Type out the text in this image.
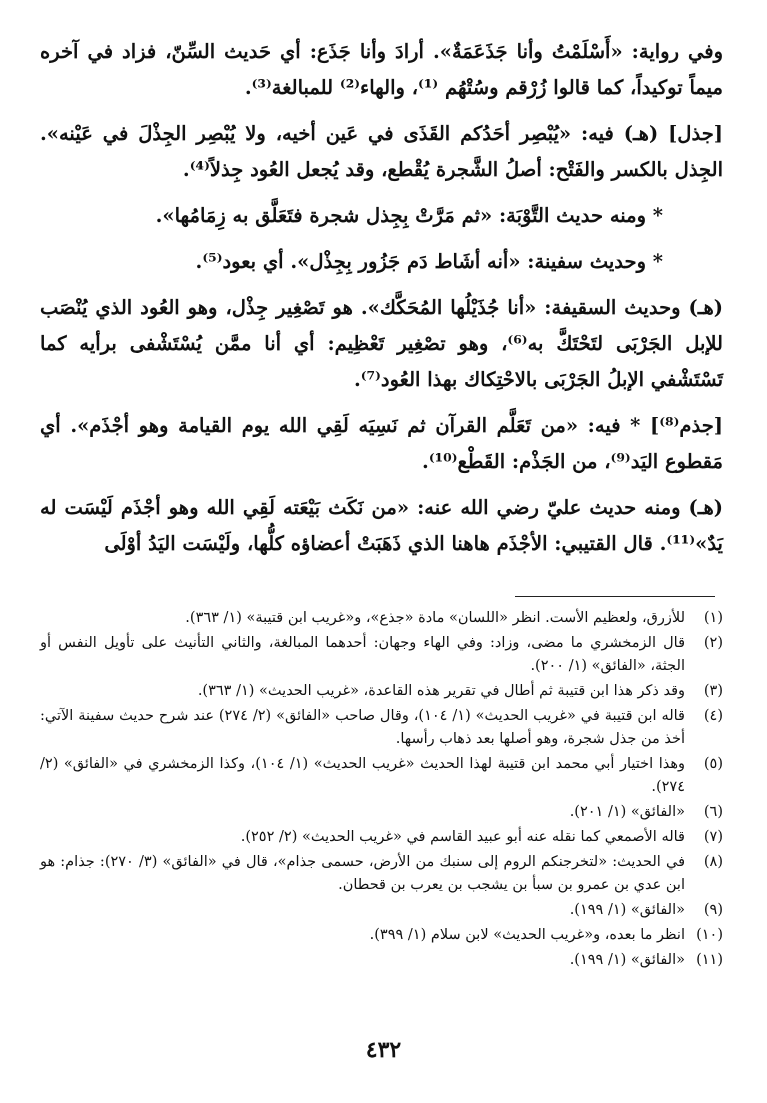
وفي رواية: «أَسْلَمْتُ وأنا جَذَعَمَةٌ». أرادَ وأنا جَذَع: أي حَديث السِّنّ، فزاد في آخره ميماً توكيداً، كما قالوا زُرْقم وسُتْهُم ⁽¹⁾، والهاء⁽²⁾ للمبالغة⁽³⁾.

[جذل] (هـ) فيه: «يُبْصِر أحَدُكم القَذَى في عَين أخيه، ولا يُبْصِر الجِذْلَ في عَيْنه». الجِذل بالكسر والفَتْح: أصلُ الشَّجرة يُقْطع، وقد يُجعل العُود جِذلاً⁽⁴⁾.

* ومنه حديث التَّوْبَة: «ثم مَرَّتْ بِجِذل شجرة فتَعَلَّق به زِمَامُها».

* وحديث سفينة: «أنه أشَاط دَم جَزُور بِجِذْل». أي بعود⁽⁵⁾.

(هـ) وحديث السقيفة: «أنا جُذَيْلُها المُحَكَّك». هو تَصْغِير جِذْل، وهو العُود الذي يُنْصَب للإبل الجَرْبَى لتَحْتَكَّ به⁽⁶⁾، وهو تصْغِير تَعْظِيم: أي أنا ممَّن يُسْتَشْفى برأيه كما تَسْتَشْفي الإبلُ الجَرْبَى بالاحْتِكاك بهذا العُود⁽⁷⁾.

[جذم⁽⁸⁾] * فيه: «من تَعَلَّم القرآن ثم نَسِيَه لَقِي الله يوم القيامة وهو أجْذَم». أي مَقطوع اليَد⁽⁹⁾، من الجَذْم: القَطْع⁽¹⁰⁾.

(هـ) ومنه حديث عليّ رضي الله عنه: «من نَكَث بَيْعَته لَقِي الله وهو أجْذَم لَيْسَت له يَدٌ»⁽¹¹⁾. قال القتيبي: الأجْذَم هاهنا الذي ذَهَبَتْ أعضاؤه كلُّها، ولَيْسَت اليَدُ أوْلَى

(١)
للأزرق، ولعظيم الأست. انظر «اللسان» مادة «جذع»، و«غريب ابن قتيبة» (١/ ٣٦٣).
(٢)
قال الزمخشري ما مضى، وزاد: وفي الهاء وجهان: أحدهما المبالغة، والثاني التأنيث على تأويل النفس أو الجثة، «الفائق» (١/ ٢٠٠).
(٣)
وقد ذكر هذا ابن قتيبة ثم أطال في تقرير هذه القاعدة، «غريب الحديث» (١/ ٣٦٣).
(٤)
قاله ابن قتيبة في «غريب الحديث» (١/ ١٠٤)، وقال صاحب «الفائق» (٢/ ٢٧٤) عند شرح حديث سفينة الآتي: أخذ من جذل شجرة، وهو أصلها بعد ذهاب رأسها.
(٥)
وهذا اختيار أبي محمد ابن قتيبة لهذا الحديث «غريب الحديث» (١/ ١٠٤)، وكذا الزمخشري في «الفائق» (٢/ ٢٧٤).
(٦)
«الفائق» (١/ ٢٠١).
(٧)
قاله الأصمعي كما نقله عنه أبو عبيد القاسم في «غريب الحديث» (٢/ ٢٥٢).
(٨)
في الحديث: «لتخرجنكم الروم إلى سنبك من الأرض، حسمى جذام»، قال في «الفائق» (٣/ ٢٧٠): جذام: هو ابن عدي بن عمرو بن سبأ بن يشجب بن يعرب بن قحطان.
(٩)
«الفائق» (١/ ١٩٩).
(١٠)
انظر ما بعده، و«غريب الحديث» لابن سلام (١/ ٣٩٩).
(١١)
«الفائق» (١/ ١٩٩).
٤٣٢
